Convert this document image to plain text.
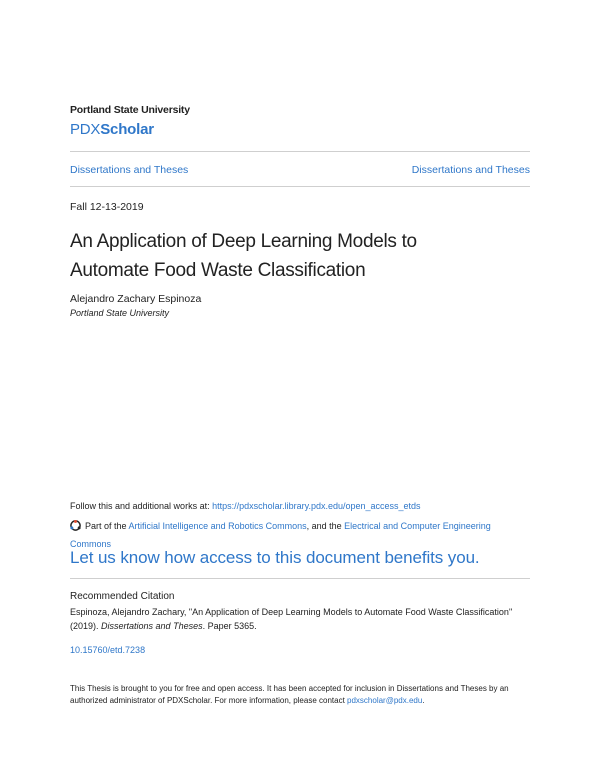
Portland State University
PDXScholar
Dissertations and Theses	Dissertations and Theses
Fall 12-13-2019
An Application of Deep Learning Models to
Automate Food Waste Classification
Alejandro Zachary Espinoza
Portland State University
Follow this and additional works at: https://pdxscholar.library.pdx.edu/open_access_etds
Part of the Artificial Intelligence and Robotics Commons, and the Electrical and Computer Engineering
Commons
Let us know how access to this document benefits you.
Recommended Citation
Espinoza, Alejandro Zachary, "An Application of Deep Learning Models to Automate Food Waste Classification" (2019). Dissertations and Theses. Paper 5365.
10.15760/etd.7238
This Thesis is brought to you for free and open access. It has been accepted for inclusion in Dissertations and Theses by an authorized administrator of PDXScholar. For more information, please contact pdxscholar@pdx.edu.
